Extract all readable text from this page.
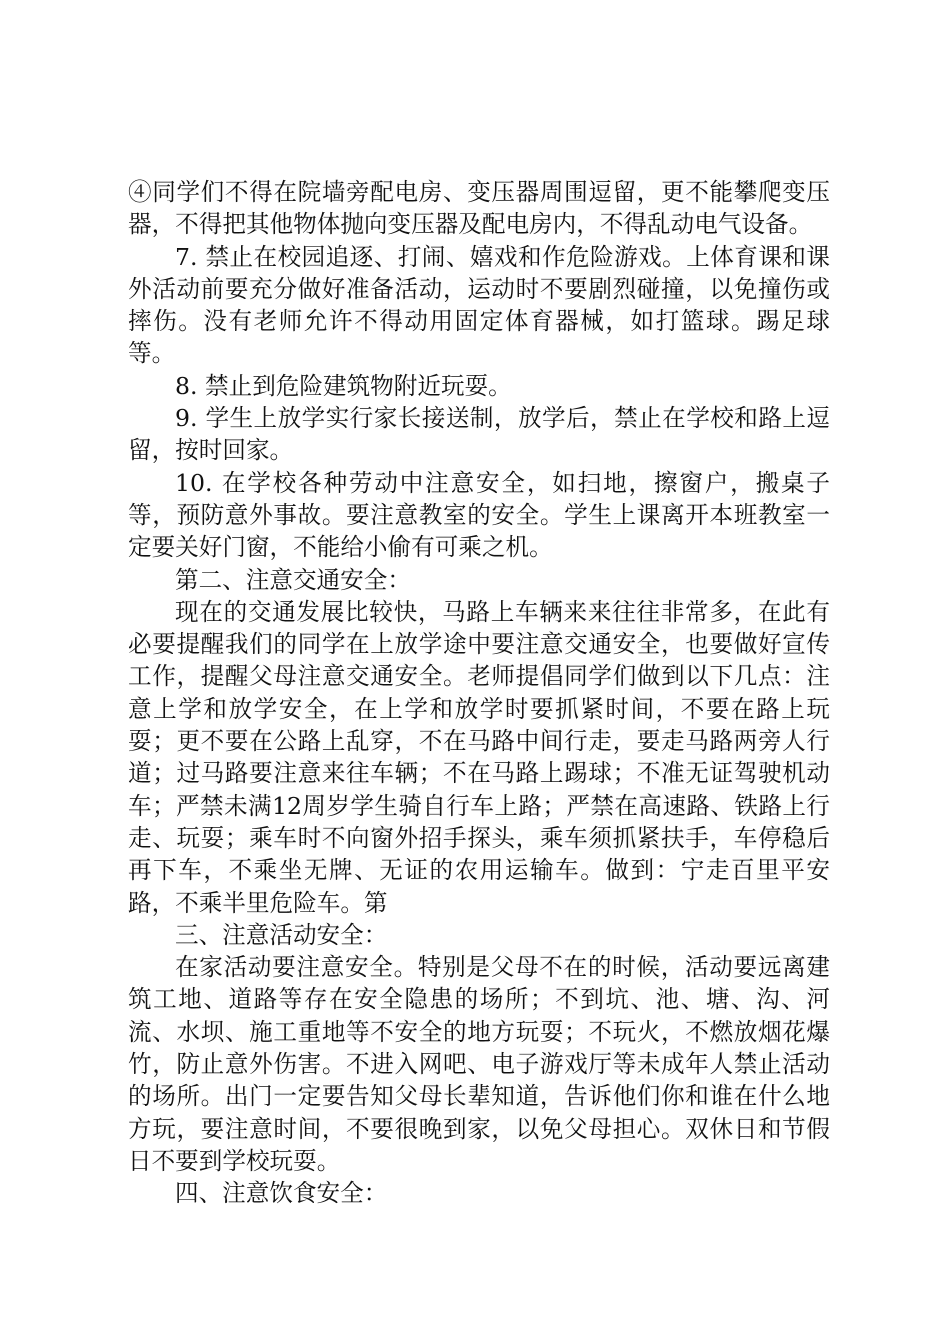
④同学们不得在院墙旁配电房、变压器周围逗留，更不能攀爬变压器，不得把其他物体抛向变压器及配电房内，不得乱动电气设备。

7. 禁止在校园追逐、打闹、嬉戏和作危险游戏。上体育课和课外活动前要充分做好准备活动，运动时不要剧烈碰撞，以免撞伤或摔伤。没有老师允许不得动用固定体育器械，如打篮球。踢足球等。

8. 禁止到危险建筑物附近玩耍。

9. 学生上放学实行家长接送制，放学后，禁止在学校和路上逗留，按时回家。

10. 在学校各种劳动中注意安全，如扫地，擦窗户，搬桌子等，预防意外事故。要注意教室的安全。学生上课离开本班教室一定要关好门窗，不能给小偷有可乘之机。

第二、注意交通安全：

现在的交通发展比较快，马路上车辆来来往往非常多，在此有必要提醒我们的同学在上放学途中要注意交通安全，也要做好宣传工作，提醒父母注意交通安全。老师提倡同学们做到以下几点：注意上学和放学安全，在上学和放学时要抓紧时间，不要在路上玩耍；更不要在公路上乱穿，不在马路中间行走，要走马路两旁人行道；过马路要注意来往车辆；不在马路上踢球；不准无证驾驶机动车；严禁未满12周岁学生骑自行车上路；严禁在高速路、铁路上行走、玩耍；乘车时不向窗外招手探头，乘车须抓紧扶手，车停稳后再下车，不乘坐无牌、无证的农用运输车。做到：宁走百里平安路，不乘半里危险车。第

三、注意活动安全：

在家活动要注意安全。特别是父母不在的时候，活动要远离建筑工地、道路等存在安全隐患的场所；不到坑、池、塘、沟、河流、水坝、施工重地等不安全的地方玩耍；不玩火，不燃放烟花爆竹，防止意外伤害。不进入网吧、电子游戏厅等未成年人禁止活动的场所。出门一定要告知父母长辈知道，告诉他们你和谁在什么地方玩，要注意时间，不要很晚到家，以免父母担心。双休日和节假日不要到学校玩耍。

四、注意饮食安全：
